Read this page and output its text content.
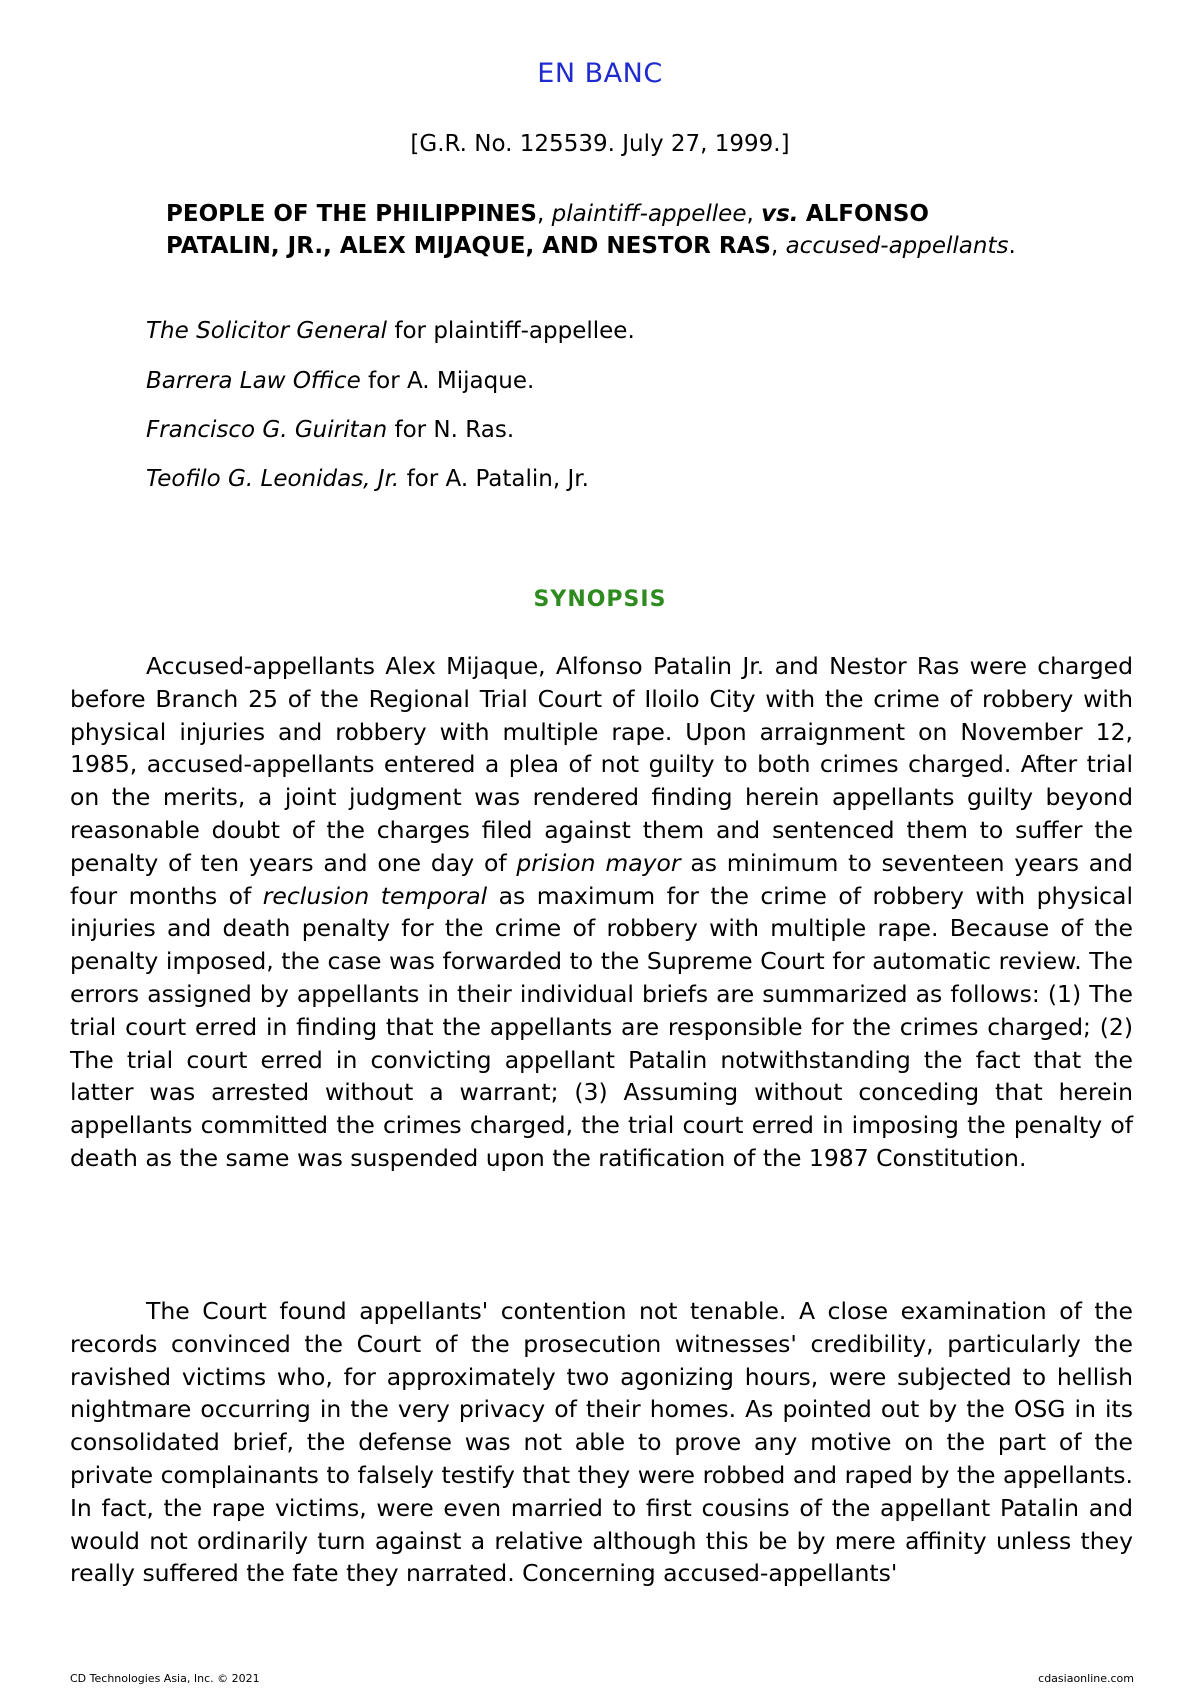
EN BANC
[G.R. No. 125539. July 27, 1999.]
PEOPLE OF THE PHILIPPINES, plaintiff-appellee, vs. ALFONSO PATALIN, JR., ALEX MIJAQUE, AND NESTOR RAS, accused-appellants.
The Solicitor General for plaintiff-appellee.
Barrera Law Office for A. Mijaque.
Francisco G. Guiritan for N. Ras.
Teofilo G. Leonidas, Jr. for A. Patalin, Jr.
SYNOPSIS
Accused-appellants Alex Mijaque, Alfonso Patalin Jr. and Nestor Ras were charged before Branch 25 of the Regional Trial Court of Iloilo City with the crime of robbery with physical injuries and robbery with multiple rape. Upon arraignment on November 12, 1985, accused-appellants entered a plea of not guilty to both crimes charged. After trial on the merits, a joint judgment was rendered finding herein appellants guilty beyond reasonable doubt of the charges filed against them and sentenced them to suffer the penalty of ten years and one day of prision mayor as minimum to seventeen years and four months of reclusion temporal as maximum for the crime of robbery with physical injuries and death penalty for the crime of robbery with multiple rape. Because of the penalty imposed, the case was forwarded to the Supreme Court for automatic review. The errors assigned by appellants in their individual briefs are summarized as follows: (1) The trial court erred in finding that the appellants are responsible for the crimes charged; (2) The trial court erred in convicting appellant Patalin notwithstanding the fact that the latter was arrested without a warrant; (3) Assuming without conceding that herein appellants committed the crimes charged, the trial court erred in imposing the penalty of death as the same was suspended upon the ratification of the 1987 Constitution.
The Court found appellants' contention not tenable. A close examination of the records convinced the Court of the prosecution witnesses' credibility, particularly the ravished victims who, for approximately two agonizing hours, were subjected to hellish nightmare occurring in the very privacy of their homes. As pointed out by the OSG in its consolidated brief, the defense was not able to prove any motive on the part of the private complainants to falsely testify that they were robbed and raped by the appellants. In fact, the rape victims, were even married to first cousins of the appellant Patalin and would not ordinarily turn against a relative although this be by mere affinity unless they really suffered the fate they narrated. Concerning accused-appellants'
CD Technologies Asia, Inc. © 2021	cdasiaonline.com
